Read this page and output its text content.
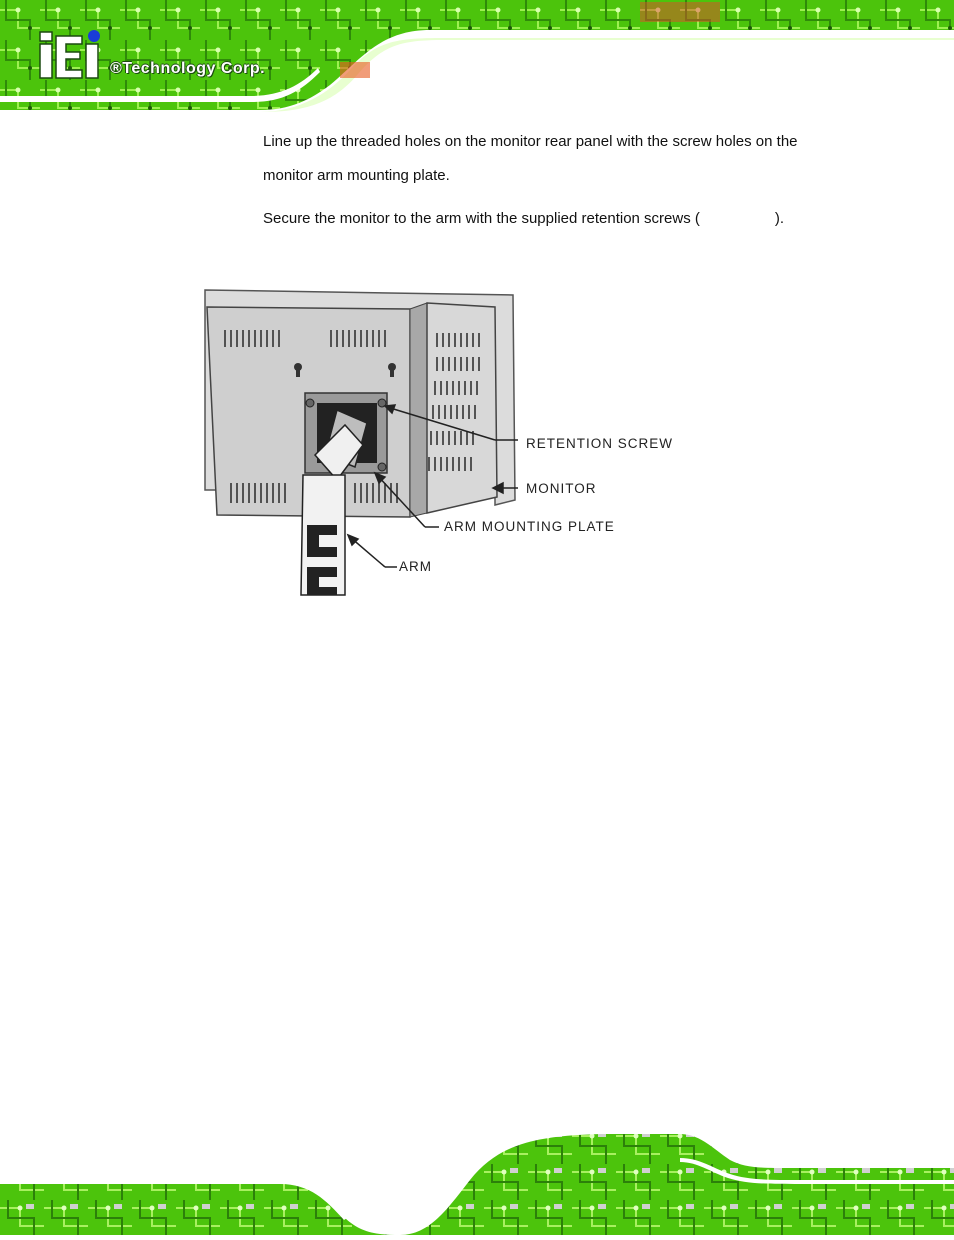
®Technology Corp.

Line up the threaded holes on the monitor rear panel with the screw holes on the monitor arm mounting plate.

Secure the monitor to the arm with the supplied retention screws (                  ).

RETENTION SCREW
MONITOR
ARM MOUNTING PLATE
ARM
